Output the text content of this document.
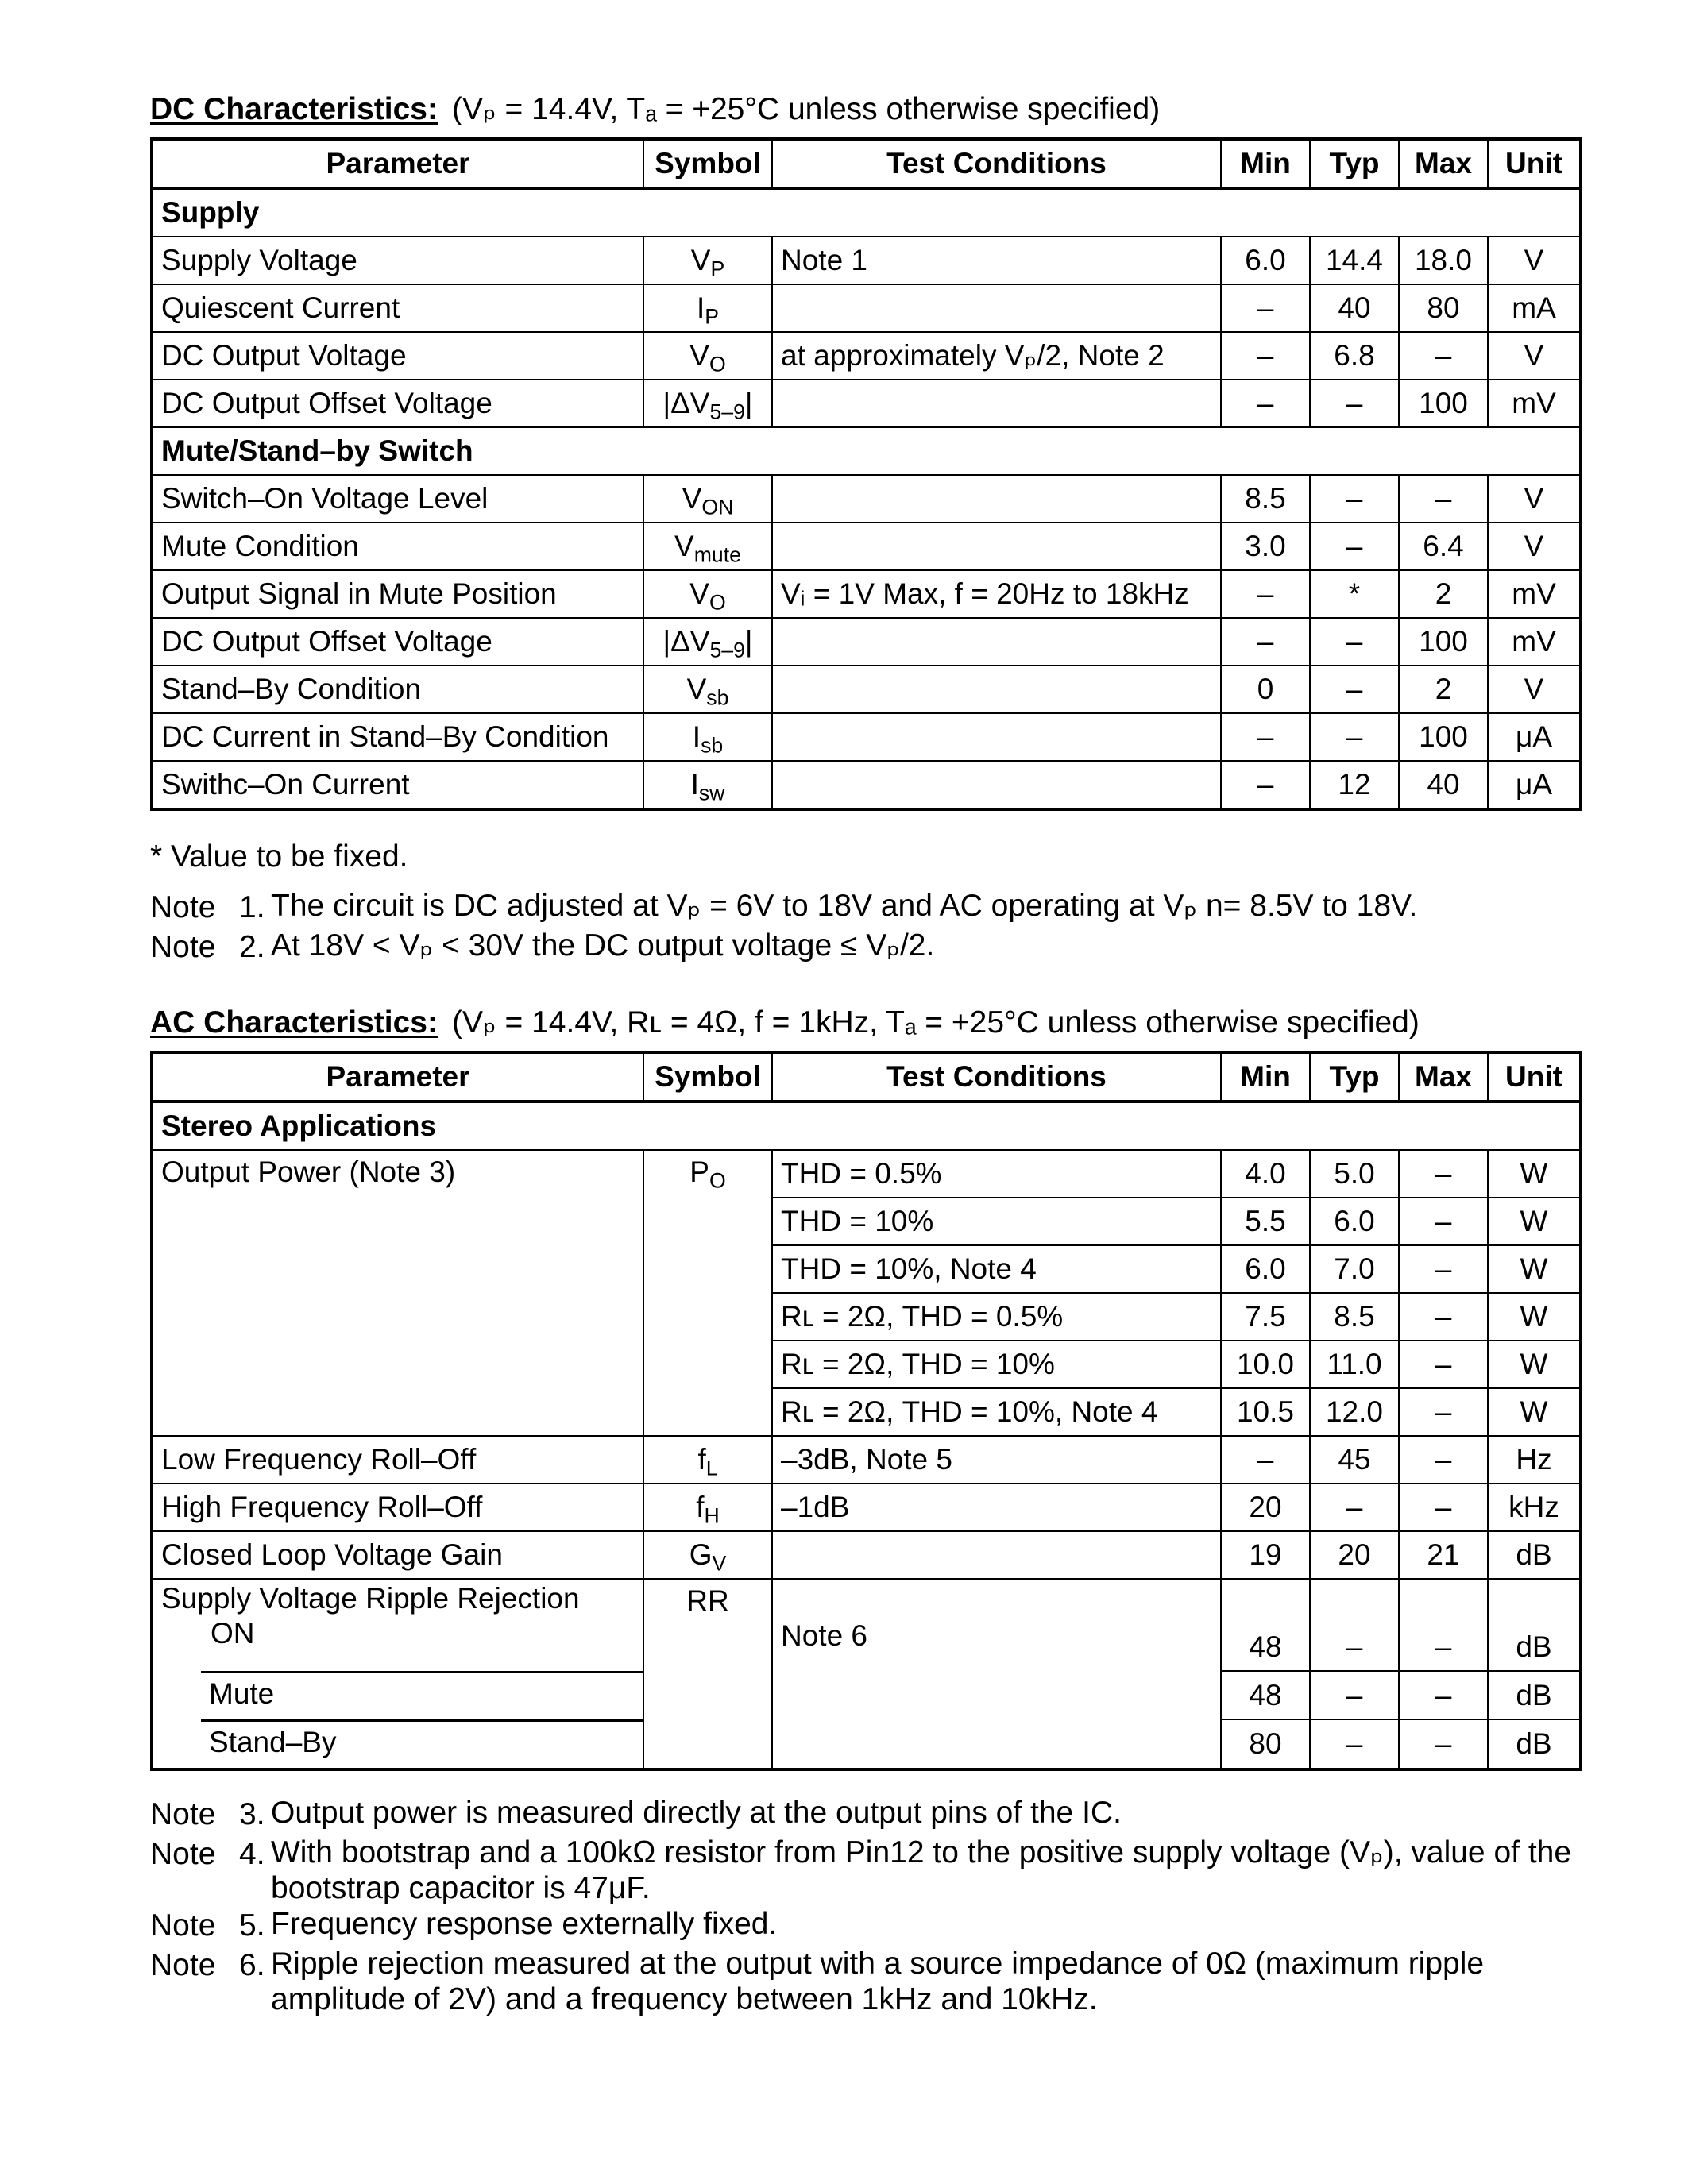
DC Characteristics: (Vₚ = 14.4V, Tₐ = +25°C unless otherwise specified)
Parameter	Symbol	Test Conditions	Min	Typ	Max	Unit
Supply						
Supply Voltage	$V_P$	Note 1	6.0	14.4	18.0	V
Quiescent Current	$I_P$		–	40	80	mA
DC Output Voltage	$V_O$	at approximately Vₚ/2, Note 2	–	6.8	–	V
DC Output Offset Voltage	$|\Delta V_{5-9}|$		–	–	100	mV
Mute/Stand–by Switch						
Switch–On Voltage Level	$V_{ON}$		8.5	–	–	V
Mute Condition	$V_{mute}$		3.0	–	6.4	V
Output Signal in Mute Position	$V_O$	Vᵢ = 1V Max, f = 20Hz to 18kHz	–	*	2	mV
DC Output Offset Voltage	$|\Delta V_{5-9}|$		–	–	100	mV
Stand–By Condition	$V_{sb}$		0	–	2	V
DC Current in Stand–By Condition	$I_{sb}$		–	–	100	μA
Swithc–On Current	$I_{sw}$		–	12	40	μA
* Value to be fixed.
Note 1. The circuit is DC adjusted at Vₚ = 6V to 18V and AC operating at Vₚ n= 8.5V to 18V.
Note 2. At 18V < Vₚ < 30V the DC output voltage ≤ Vₚ/2.
AC Characteristics: (Vₚ = 14.4V, Rʟ = 4Ω, f = 1kHz, Tₐ = +25°C unless otherwise specified)
Parameter	Symbol	Test Conditions	Min	Typ	Max	Unit
Stereo Applications						
Output Power (Note 3)	$P_O$	THD = 0.5%	4.0	5.0	–	W
		THD = 10%	5.5	6.0	–	W
		THD = 10%, Note 4	6.0	7.0	–	W
		Rʟ = 2Ω, THD = 0.5%	7.5	8.5	–	W
		Rʟ = 2Ω, THD = 10%	10.0	11.0	–	W
		Rʟ = 2Ω, THD = 10%, Note 4	10.5	12.0	–	W
Low Frequency Roll–Off	$f_L$	–3dB, Note 5	–	45	–	Hz
High Frequency Roll–Off	$f_H$	–1dB	20	–	–	kHz
Closed Loop Voltage Gain	$G_V$		19	20	21	dB

Supply Voltage Ripple Rejection
ON	RR	Note 6	48	–	–	dB

Mute			48	–	–	dB

Stand–By			80	–	–	dB
Note 3. Output power is measured directly at the output pins of the IC.
Note 4. With bootstrap and a 100kΩ resistor from Pin12 to the positive supply voltage (Vₚ), value of the bootstrap capacitor is 47μF.
Note 5. Frequency response externally fixed.
Note 6. Ripple rejection measured at the output with a source impedance of 0Ω (maximum ripple amplitude of 2V) and a frequency between 1kHz and 10kHz.
